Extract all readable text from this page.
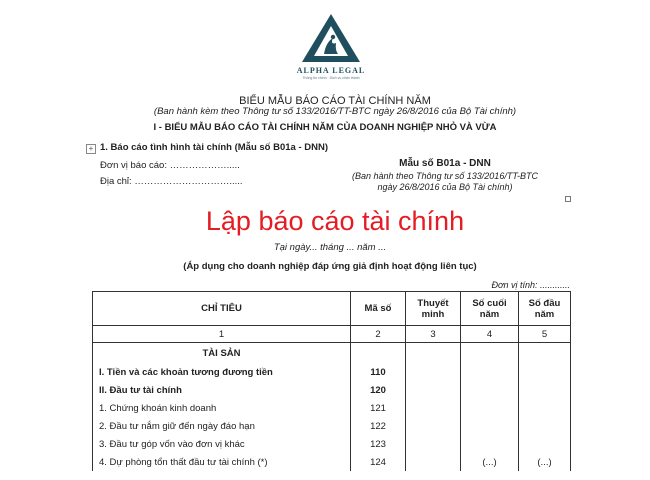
ALPHA LEGAL
Thông tin chính · Dịch vụ chân thành
BIỂU MẪU BÁO CÁO TÀI CHÍNH NĂM
(Ban hành kèm theo Thông tư số 133/2016/TT-BTC ngày 26/8/2016 của Bộ Tài chính)
I - BIỂU MẪU BÁO CÁO TÀI CHÍNH NĂM CỦA DOANH NGHIỆP NHỎ VÀ VỪA
+ 1. Báo cáo tình hình tài chính (Mẫu số B01a - DNN)
Đơn vị báo cáo: ……………….....
Địa chỉ: ………………………….....
Mẫu số B01a - DNN
(Ban hành theo Thông tư số 133/2016/TT-BTC
ngày 26/8/2016 của Bộ Tài chính)
Lập báo cáo tài chính
Tại ngày... tháng ... năm ...
(Áp dụng cho doanh nghiệp đáp ứng giả định hoạt động liên tục)
Đơn vị tính: ............
CHỈ TIÊU	Mã số	Thuyết minh	Số cuối năm	Số đầu năm
1	2	3	4	5
TÀI SẢN				
I. Tiền và các khoản tương đương tiền	110			
II. Đầu tư tài chính	120			
1. Chứng khoán kinh doanh	121			
2. Đầu tư nắm giữ đến ngày đáo hạn	122			
3. Đầu tư góp vốn vào đơn vị khác	123			
4. Dự phòng tổn thất đầu tư tài chính (*)	124		(...)	(...)
